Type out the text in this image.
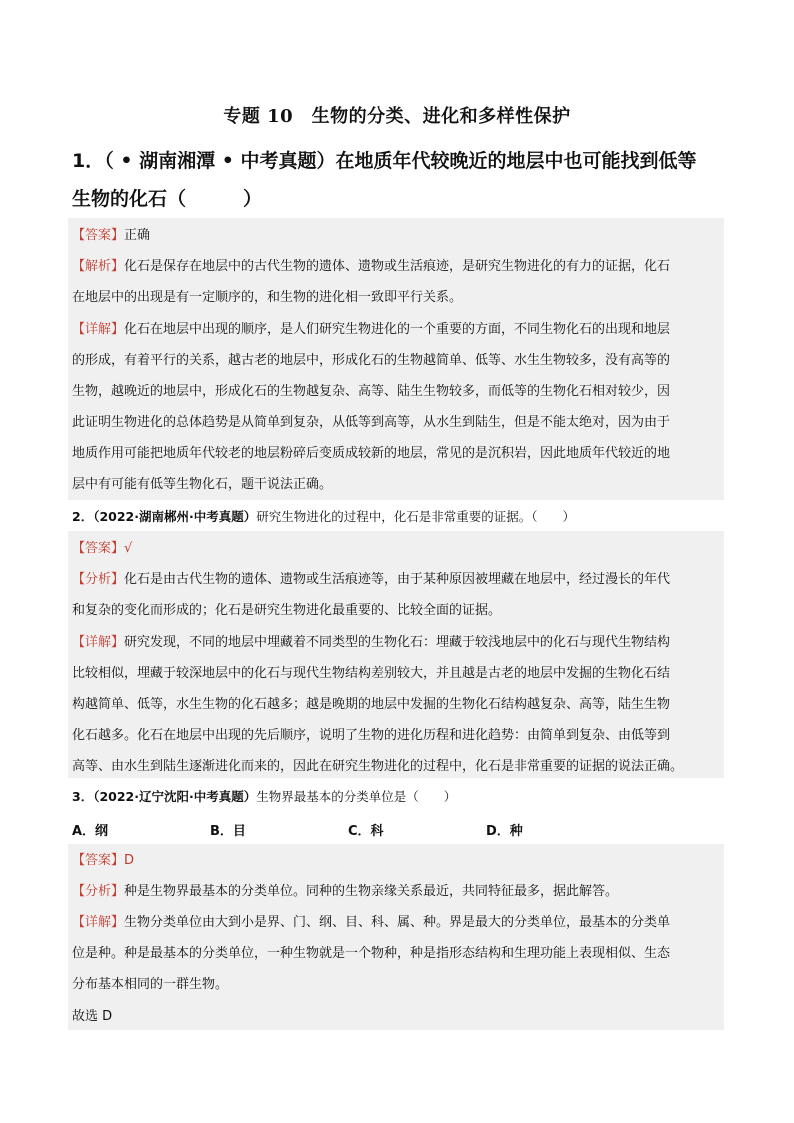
专题 10　生物的分类、进化和多样性保护
1．（ • 湖南湘潭 • 中考真题）在地质年代较晚近的地层中也可能找到低等
生物的化石（　　　）
【答案】正确
【解析】化石是保存在地层中的古代生物的遗体、遗物或生活痕迹，是研究生物进化的有力的证据，化石
在地层中的出现是有一定顺序的，和生物的进化相一致即平行关系。
【详解】化石在地层中出现的顺序，是人们研究生物进化的一个重要的方面，不同生物化石的出现和地层
的形成，有着平行的关系，越古老的地层中，形成化石的生物越简单、低等、水生生物较多，没有高等的
生物，越晚近的地层中，形成化石的生物越复杂、高等、陆生生物较多，而低等的生物化石相对较少，因
此证明生物进化的总体趋势是从简单到复杂，从低等到高等，从水生到陆生，但是不能太绝对，因为由于
地质作用可能把地质年代较老的地层粉碎后变质成较新的地层，常见的是沉积岩，因此地质年代较近的地
层中有可能有低等生物化石，题干说法正确。
2．（2022·湖南郴州·中考真题）研究生物进化的过程中，化石是非常重要的证据。（　　）
【答案】√
【分析】化石是由古代生物的遗体、遗物或生活痕迹等，由于某种原因被埋藏在地层中，经过漫长的年代
和复杂的变化而形成的；化石是研究生物进化最重要的、比较全面的证据。
【详解】研究发现，不同的地层中埋藏着不同类型的生物化石：埋藏于较浅地层中的化石与现代生物结构
比较相似，埋藏于较深地层中的化石与现代生物结构差别较大，并且越是古老的地层中发掘的生物化石结
构越简单、低等，水生生物的化石越多；越是晚期的地层中发掘的生物化石结构越复杂、高等，陆生生物
化石越多。化石在地层中出现的先后顺序，说明了生物的进化历程和进化趋势：由简单到复杂、由低等到
高等、由水生到陆生逐渐进化而来的，因此在研究生物进化的过程中，化石是非常重要的证据的说法正确。
3．（2022·辽宁沈阳·中考真题）生物界最基本的分类单位是（　　）
A．纲	B．目	C．科	D．种
【答案】D
【分析】种是生物界最基本的分类单位。同种的生物亲缘关系最近，共同特征最多，据此解答。
【详解】生物分类单位由大到小是界、门、纲、目、科、属、种。界是最大的分类单位，最基本的分类单
位是种。种是最基本的分类单位，一种生物就是一个物种，种是指形态结构和生理功能上表现相似、生态
分布基本相同的一群生物。
故选 D
